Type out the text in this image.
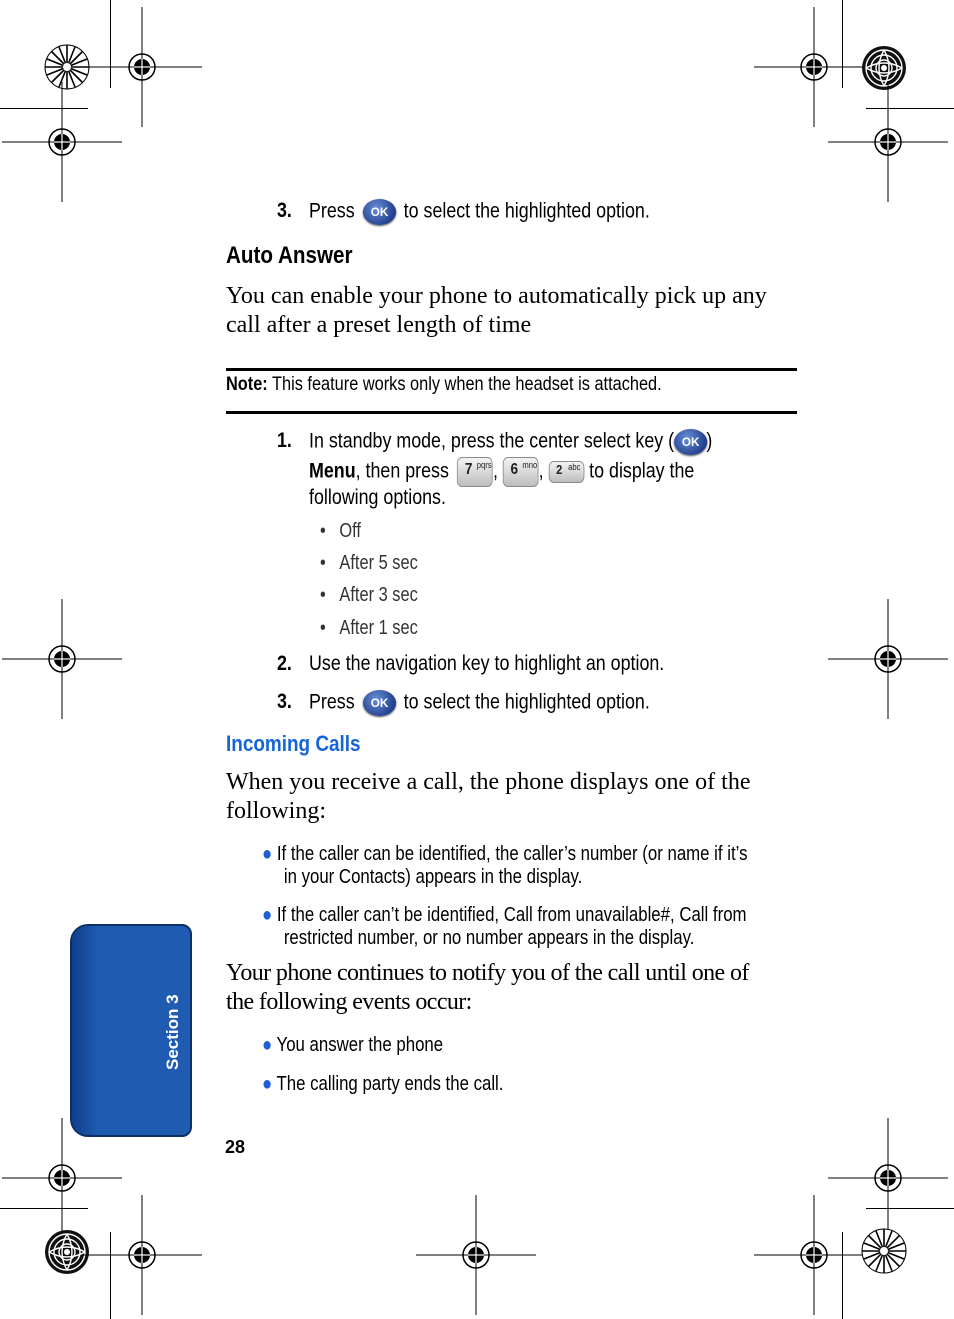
3. Press OK to select the highlighted option.
Auto Answer
You can enable your phone to automatically pick up any
call after a preset length of time
Note: This feature works only when the headset is attached.
1. In standby mode, press the center select key ( OK )
Menu, then press 7 pqrs , 6 mno , 2 abc to display the
following options.
•   Off
•   After 5 sec
•   After 3 sec
•   After 1 sec
2. Use the navigation key to highlight an option.
3. Press OK to select the highlighted option.
Incoming Calls
When you receive a call, the phone displays one of the
following:
● If the caller can be identified, the caller’s number (or name if it’s
in your Contacts) appears in the display.
● If the caller can’t be identified, Call from unavailable#, Call from
restricted number, or no number appears in the display.
Your phone continues to notify you of the call until one of
the following events occur:
● You answer the phone
● The calling party ends the call.
Section 3
28
